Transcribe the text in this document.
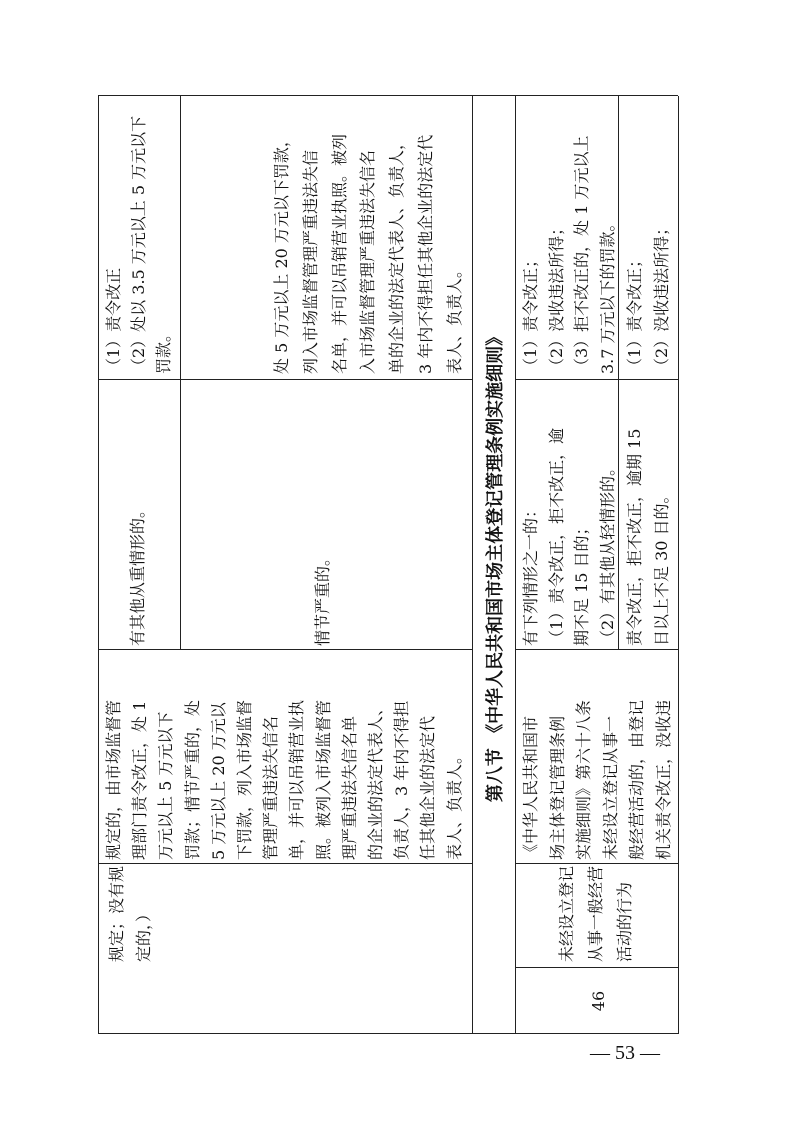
规定；没有规 定的，）
规定的，由市场监督管 理部门责令改正，处 1 万元以上 5 万元以下 罚款；情节严重的，处 5 万元以上 20 万元以 下罚款，列入市场监督 管理严重违法失信名 单，并可以吊销营业执 照。被列入市场监督管 理严重违法失信名单 的企业的法定代表人、 负责人，3 年内不得担 任其他企业的法定代 表人、负责人。
有其他从重情形的。
（1）责令改正 （2）处以 3.5 万元以上 5 万元以下 罚款。
情节严重的。
处 5 万元以上 20 万元以下罚款， 列入市场监督管理严重违法失信 名单，并可以吊销营业执照。被列 入市场监督管理严重违法失信名 单的企业的法定代表人、负责人， 3 年内不得担任其他企业的法定代 表人、负责人。
第八节 《中华人民共和国市场主体登记管理条例实施细则》
46
未经设立登记 从事一般经营 活动的行为
《中华人民共和国市 场主体登记管理条例 实施细则》第六十八条 未经设立登记从事一 般经营活动的，由登记 机关责令改正，没收违
有下列情形之一的： （1）责令改正，拒不改正，逾 期不足 15 日的； （2）有其他从轻情形的。
（1）责令改正； （2）没收违法所得； （3）拒不改正的，处 1 万元以上 3.7 万元以下的罚款。
责令改正，拒不改正，逾期 15 日以上不足 30 日的。
（1）责令改正； （2）没收违法所得；
— 53 —
